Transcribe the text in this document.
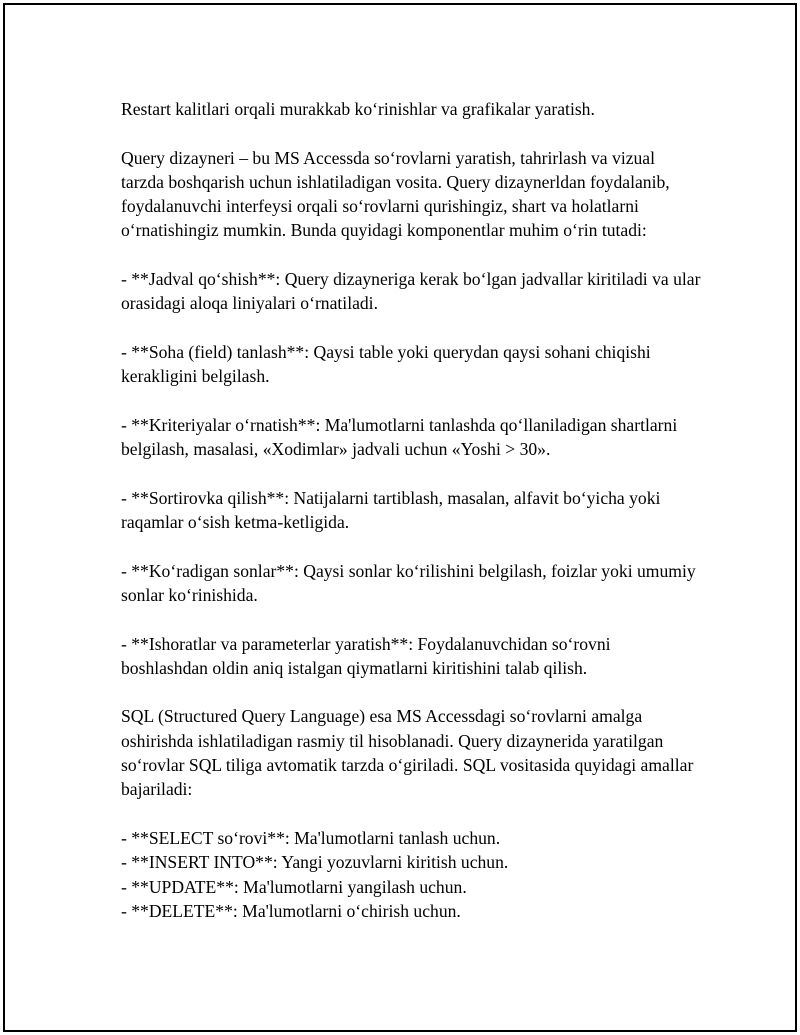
Restart kalitlari orqali murakkab ko‘rinishlar va grafikalar yaratish.

Query dizayneri – bu MS Accessda so‘rovlarni yaratish, tahrirlash va vizual tarzda boshqarish uchun ishlatiladigan vosita. Query dizaynerldan foydalanib, foydalanuvchi interfeysi orqali so‘rovlarni qurishingiz, shart va holatlarni o‘rnatishingiz mumkin. Bunda quyidagi komponentlar muhim o‘rin tutadi:

- **Jadval qo‘shish**: Query dizayneriga kerak bo‘lgan jadvallar kiritiladi va ular orasidagi aloqa liniyalari o‘rnatiladi.

- **Soha (field) tanlash**: Qaysi table yoki querydan qaysi sohani chiqishi kerakligini belgilash.

- **Kriteriyalar o‘rnatish**: Ma'lumotlarni tanlashda qo‘llaniladigan shartlarni belgilash, masalasi, «Xodimlar» jadvali uchun «Yoshi > 30».

- **Sortirovka qilish**: Natijalarni tartiblash, masalan, alfavit bo‘yicha yoki raqamlar o‘sish ketma-ketligida.

- **Ko‘radigan sonlar**: Qaysi sonlar ko‘rilishini belgilash, foizlar yoki umumiy sonlar ko‘rinishida.

- **Ishoratlar va parameterlar yaratish**: Foydalanuvchidan so‘rovni boshlashdan oldin aniq istalgan qiymatlarni kiritishini talab qilish.

SQL (Structured Query Language) esa MS Accessdagi so‘rovlarni amalga oshirishda ishlatiladigan rasmiy til hisoblanadi. Query dizaynerida yaratilgan so‘rovlar SQL tiliga avtomatik tarzda o‘giriladi. SQL vositasida quyidagi amallar bajariladi:

- **SELECT so‘rovi**: Ma'lumotlarni tanlash uchun.

- **INSERT INTO**: Yangi yozuvlarni kiritish uchun.

- **UPDATE**: Ma'lumotlarni yangilash uchun.

- **DELETE**: Ma'lumotlarni o‘chirish uchun.
